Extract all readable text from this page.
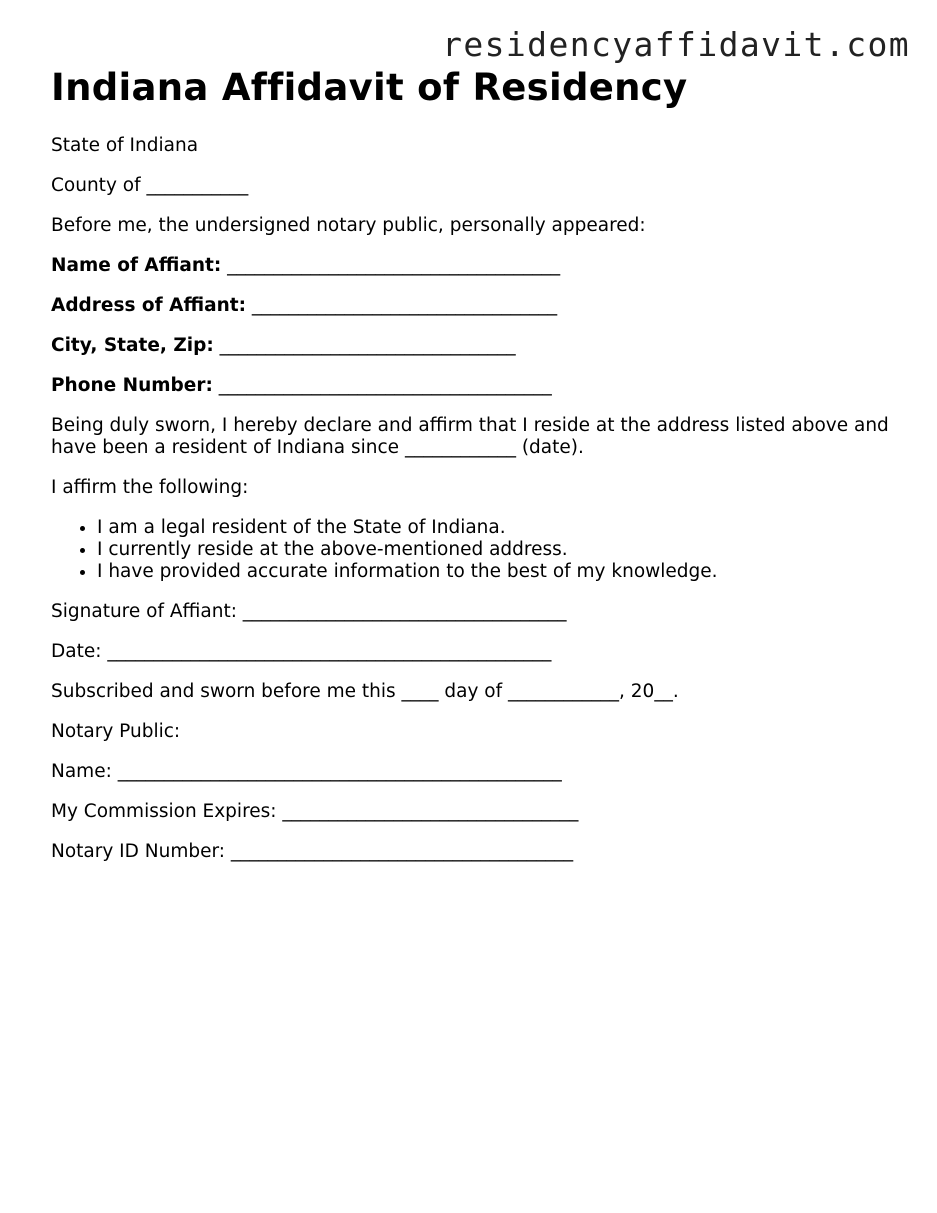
residencyaffidavit.com
Indiana Affidavit of Residency

State of Indiana

County of ___________

Before me, the undersigned notary public, personally appeared:

Name of Affiant: ____________________________________

Address of Affiant: _________________________________

City, State, Zip: ________________________________

Phone Number: ____________________________________

Being duly sworn, I hereby declare and affirm that I reside at the address listed above and have been a resident of Indiana since ____________ (date).

I affirm the following:

• I am a legal resident of the State of Indiana.
• I currently reside at the above-mentioned address.
• I have provided accurate information to the best of my knowledge.

Signature of Affiant: ___________________________________

Date: ________________________________________________

Subscribed and sworn before me this ____ day of ____________, 20__.

Notary Public:

Name: ________________________________________________

My Commission Expires: ________________________________

Notary ID Number: _____________________________________
